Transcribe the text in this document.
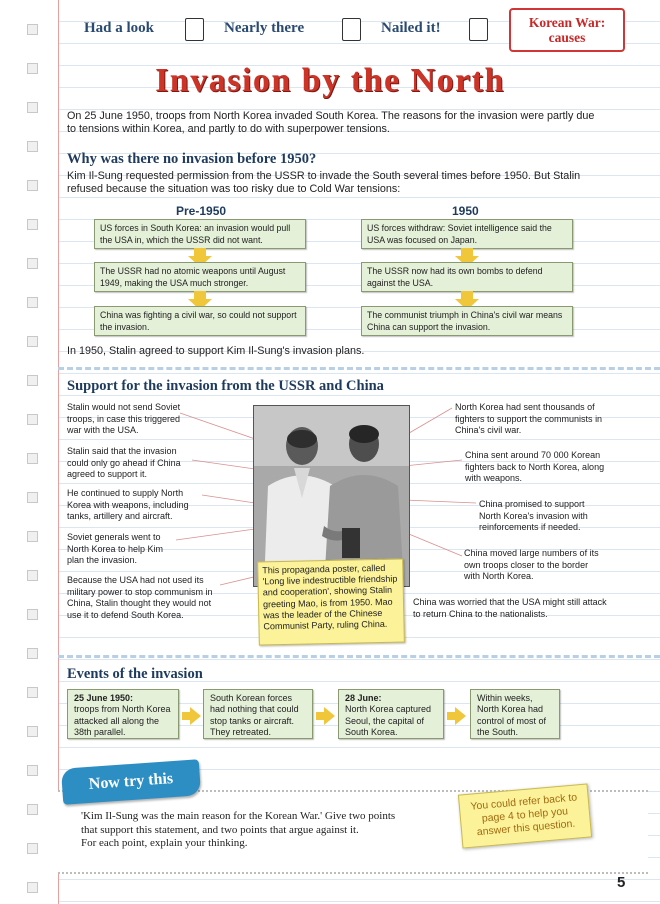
Had a look	Nearly there	Nailed it!	Korean War:
causes
Invasion by the North
On 25 June 1950, troops from North Korea invaded South Korea. The reasons for the invasion were partly due to tensions within Korea, and partly to do with superpower tensions.
Why was there no invasion before 1950?
Kim Il-Sung requested permission from the USSR to invade the South several times before 1950. But Stalin refused because the situation was too risky due to Cold War tensions:
Pre-1950	1950
US forces in South Korea: an invasion would pull the USA in, which the USSR did not want.
The USSR had no atomic weapons until August 1949, making the USA much stronger.
China was fighting a civil war, so could not support the invasion.
US forces withdraw: Soviet intelligence said the USA was focused on Japan.
The USSR now had its own bombs to defend against the USA.
The communist triumph in China's civil war means China can support the invasion.
In 1950, Stalin agreed to support Kim Il-Sung's invasion plans.
Support for the invasion from the USSR and China
Stalin would not send Soviet troops, in case this triggered war with the USA.
Stalin said that the invasion could only go ahead if China agreed to support it.
He continued to supply North Korea with weapons, including tanks, artillery and aircraft.
Soviet generals went to North Korea to help Kim plan the invasion.
Because the USA had not used its military power to stop communism in China, Stalin thought they would not use it to defend South Korea.
North Korea had sent thousands of fighters to support the communists in China's civil war.
China sent around 70 000 Korean fighters back to North Korea, along with weapons.
China promised to support North Korea's invasion with reinforcements if needed.
China moved large numbers of its own troops closer to the border with North Korea.
China was worried that the USA might still attack to return China to the nationalists.
This propaganda poster, called 'Long live indestructible friendship and cooperation', showing Stalin greeting Mao, is from 1950. Mao was the leader of the Chinese Communist Party, ruling China.
Events of the invasion
25 June 1950:
troops from North Korea attacked all along the 38th parallel.
South Korean forces had nothing that could stop tanks or aircraft. They retreated.
28 June:
North Korea captured Seoul, the capital of South Korea.
Within weeks, North Korea had control of most of the South.
Now try this
'Kim Il-Sung was the main reason for the Korean War.' Give two points
that support this statement, and two points that argue against it.
For each point, explain your thinking.
You could refer back to page 4 to help you answer this question.
5
